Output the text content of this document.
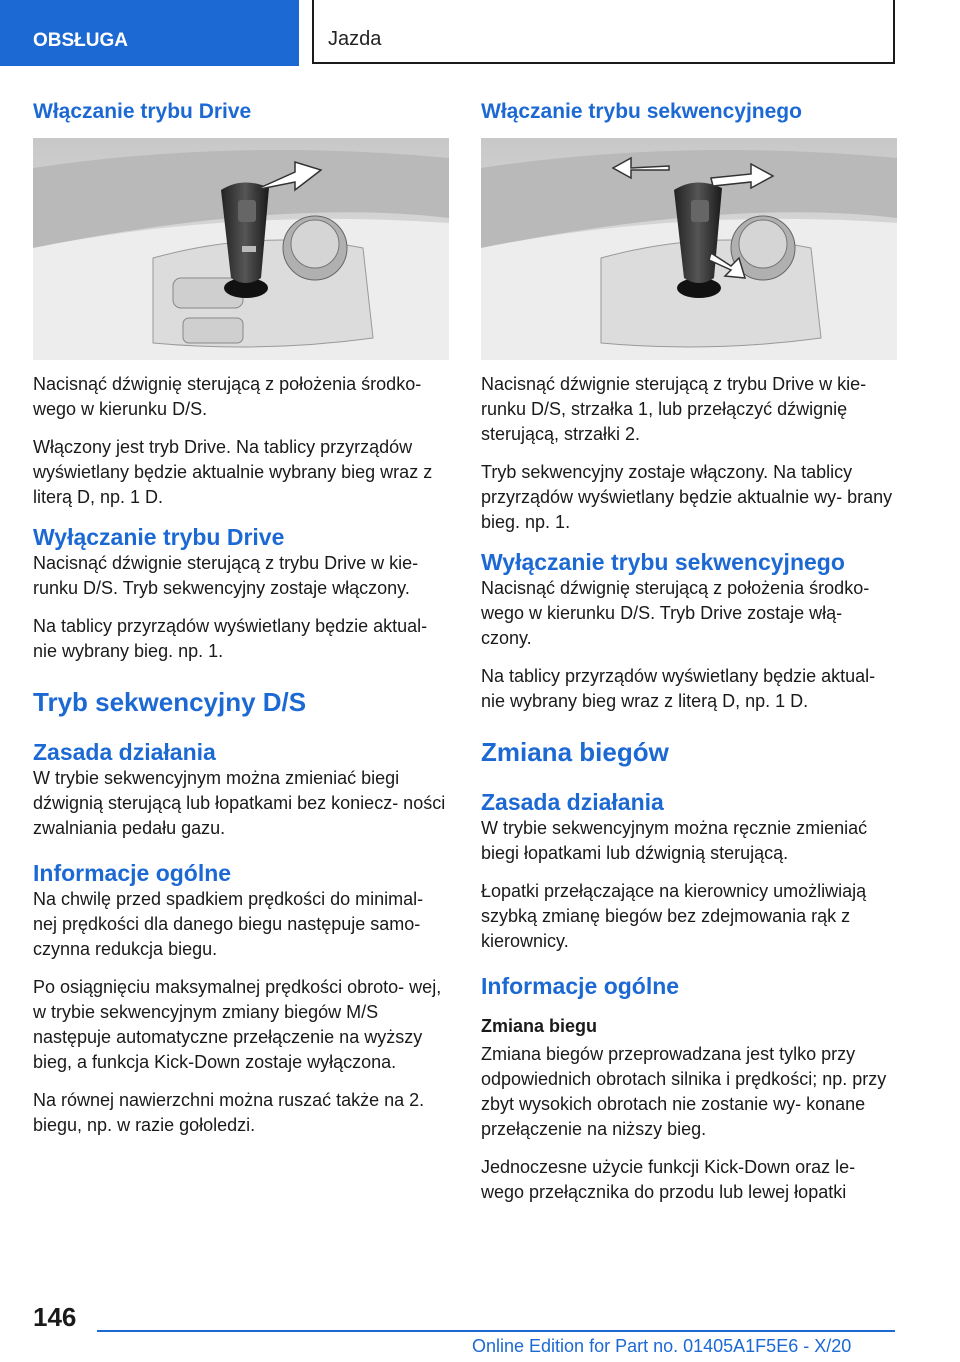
OBSŁUGA	Jazda
Włączanie trybu Drive

Nacisnąć dźwignię sterującą z położenia środko- wego w kierunku D/S.

Włączony jest tryb Drive. Na tablicy przyrządów wyświetlany będzie aktualnie wybrany bieg wraz z literą D, np. 1 D.

Wyłączanie trybu Drive

Nacisnąć dźwignie sterującą z trybu Drive w kie- runku D/S. Tryb sekwencyjny zostaje włączony.

Na tablicy przyrządów wyświetlany będzie aktual- nie wybrany bieg. np. 1.

Tryb sekwencyjny D/S
Zasada działania

W trybie sekwencyjnym można zmieniać biegi dźwignią sterującą lub łopatkami bez koniecz- ności zwalniania pedału gazu.

Informacje ogólne

Na chwilę przed spadkiem prędkości do minimal- nej prędkości dla danego biegu następuje samo- czynna redukcja biegu.

Po osiągnięciu maksymalnej prędkości obroto- wej, w trybie sekwencyjnym zmiany biegów M/S następuje automatyczne przełączenie na wyższy bieg, a funkcja Kick-Down zostaje wyłączona.

Na równej nawierzchni można ruszać także na 2. biegu, np. w razie gołoledzi.

Włączanie trybu sekwencyjnego

Nacisnąć dźwignie sterującą z trybu Drive w kie- runku D/S, strzałka 1, lub przełączyć dźwignię sterującą, strzałki 2.

Tryb sekwencyjny zostaje włączony. Na tablicy przyrządów wyświetlany będzie aktualnie wy- brany bieg. np. 1.

Wyłączanie trybu sekwencyjnego

Nacisnąć dźwignię sterującą z położenia środko- wego w kierunku D/S. Tryb Drive zostaje włą- czony.

Na tablicy przyrządów wyświetlany będzie aktual- nie wybrany bieg wraz z literą D, np. 1 D.

Zmiana biegów
Zasada działania

W trybie sekwencyjnym można ręcznie zmieniać biegi łopatkami lub dźwignią sterującą.

Łopatki przełączające na kierownicy umożliwiają szybką zmianę biegów bez zdejmowania rąk z kierownicy.

Informacje ogólne
Zmiana biegu

Zmiana biegów przeprowadzana jest tylko przy odpowiednich obrotach silnika i prędkości; np. przy zbyt wysokich obrotach nie zostanie wy- konane przełączenie na niższy bieg.

Jednoczesne użycie funkcji Kick-Down oraz le- wego przełącznika do przodu lub lewej łopatki

146
Online Edition for Part no. 01405A1F5E6 - X/20
